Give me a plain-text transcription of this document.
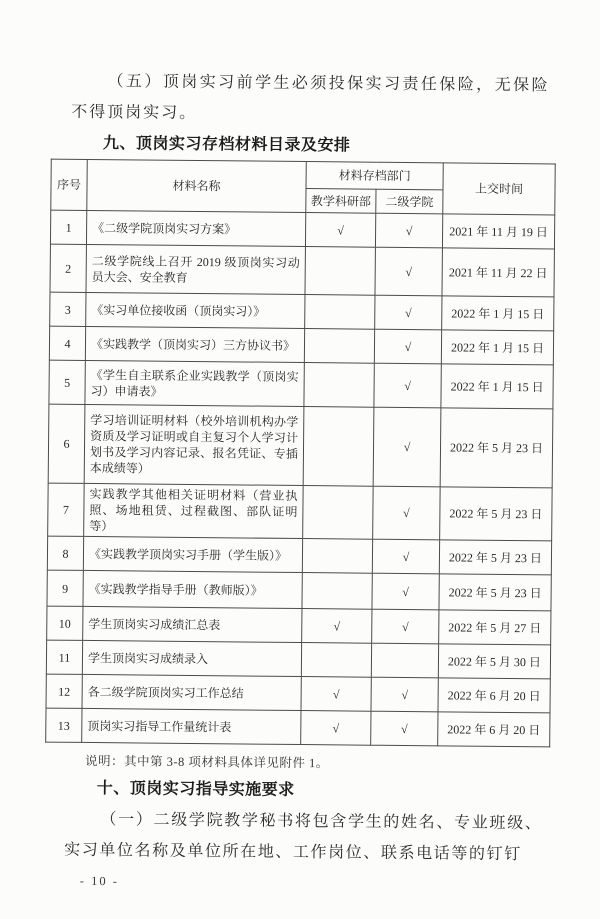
（五）顶岗实习前学生必须投保实习责任保险，无保险不得顶岗实习。

九、顶岗实习存档材料目录及安排
序号	材料名称	材料存档部门		上交时间
		教学科研部	二级学院	
1	《二级学院顶岗实习方案》	√	√	2021 年 11 月 19 日
2	二级学院线上召开 2019 级顶岗实习动员大会、安全教育		√	2021 年 11 月 22 日
3	《实习单位接收函（顶岗实习）》		√	2022 年 1 月 15 日
4	《实践教学（顶岗实习）三方协议书》		√	2022 年 1 月 15 日
5	《学生自主联系企业实践教学（顶岗实习）申请表》		√	2022 年 1 月 15 日
6	学习培训证明材料（校外培训机构办学资质及学习证明或自主复习个人学习计划书及学习内容记录、报名凭证、专插本成绩等）		√	2022 年 5 月 23 日
7	实践教学其他相关证明材料（营业执照、场地租赁、过程截图、部队证明等）		√	2022 年 5 月 23 日
8	《实践教学顶岗实习手册（学生版）》		√	2022 年 5 月 23 日
9	《实践教学指导手册（教师版）》		√	2022 年 5 月 23 日
10	学生顶岗实习成绩汇总表	√	√	2022 年 5 月 27 日
11	学生顶岗实习成绩录入			2022 年 5 月 30 日
12	各二级学院顶岗实习工作总结	√	√	2022 年 6 月 20 日
13	顶岗实习指导工作量统计表	√	√	2022 年 6 月 20 日

说明：其中第 3-8 项材料具体详见附件 1。

十、顶岗实习指导实施要求

（一）二级学院教学秘书将包含学生的姓名、专业班级、实习单位名称及单位所在地、工作岗位、联系电话等的钉钉

- 10 -
